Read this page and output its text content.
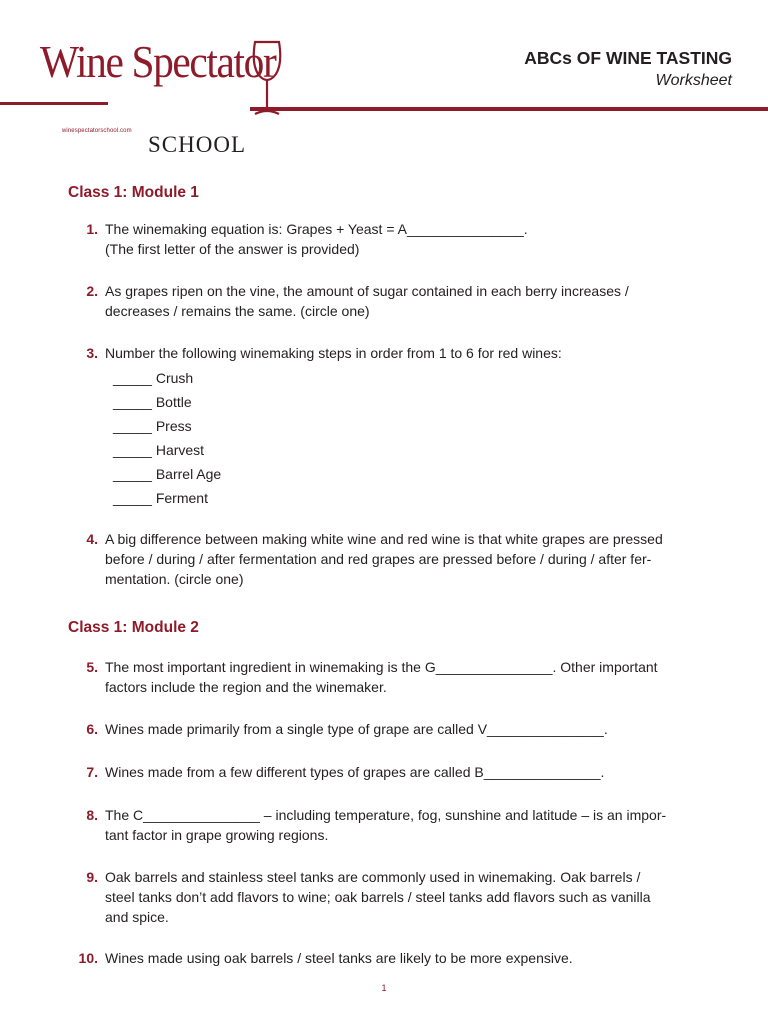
Wine Spectator
winespectatorschool.com
SCHOOL
ABCs OF WINE TASTING
Worksheet
Class 1: Module 1
1. The winemaking equation is: Grapes + Yeast = A_______________.
(The first letter of the answer is provided)
2. As grapes ripen on the vine, the amount of sugar contained in each berry increases /
decreases / remains the same. (circle one)
3. Number the following winemaking steps in order from 1 to 6 for red wines:
_____ Crush
_____ Bottle
_____ Press
_____ Harvest
_____ Barrel Age
_____ Ferment
4. A big difference between making white wine and red wine is that white grapes are pressed
before / during / after fermentation and red grapes are pressed before / during / after fer-
mentation. (circle one)
Class 1: Module 2
5. The most important ingredient in winemaking is the G_______________. Other important
factors include the region and the winemaker.
6. Wines made primarily from a single type of grape are called V_______________.
7. Wines made from a few different types of grapes are called B_______________.
8. The C_______________ – including temperature, fog, sunshine and latitude – is an impor-
tant factor in grape growing regions.
9. Oak barrels and stainless steel tanks are commonly used in winemaking. Oak barrels /
steel tanks don’t add flavors to wine; oak barrels / steel tanks add flavors such as vanilla
and spice.
10. Wines made using oak barrels / steel tanks are likely to be more expensive.
1
